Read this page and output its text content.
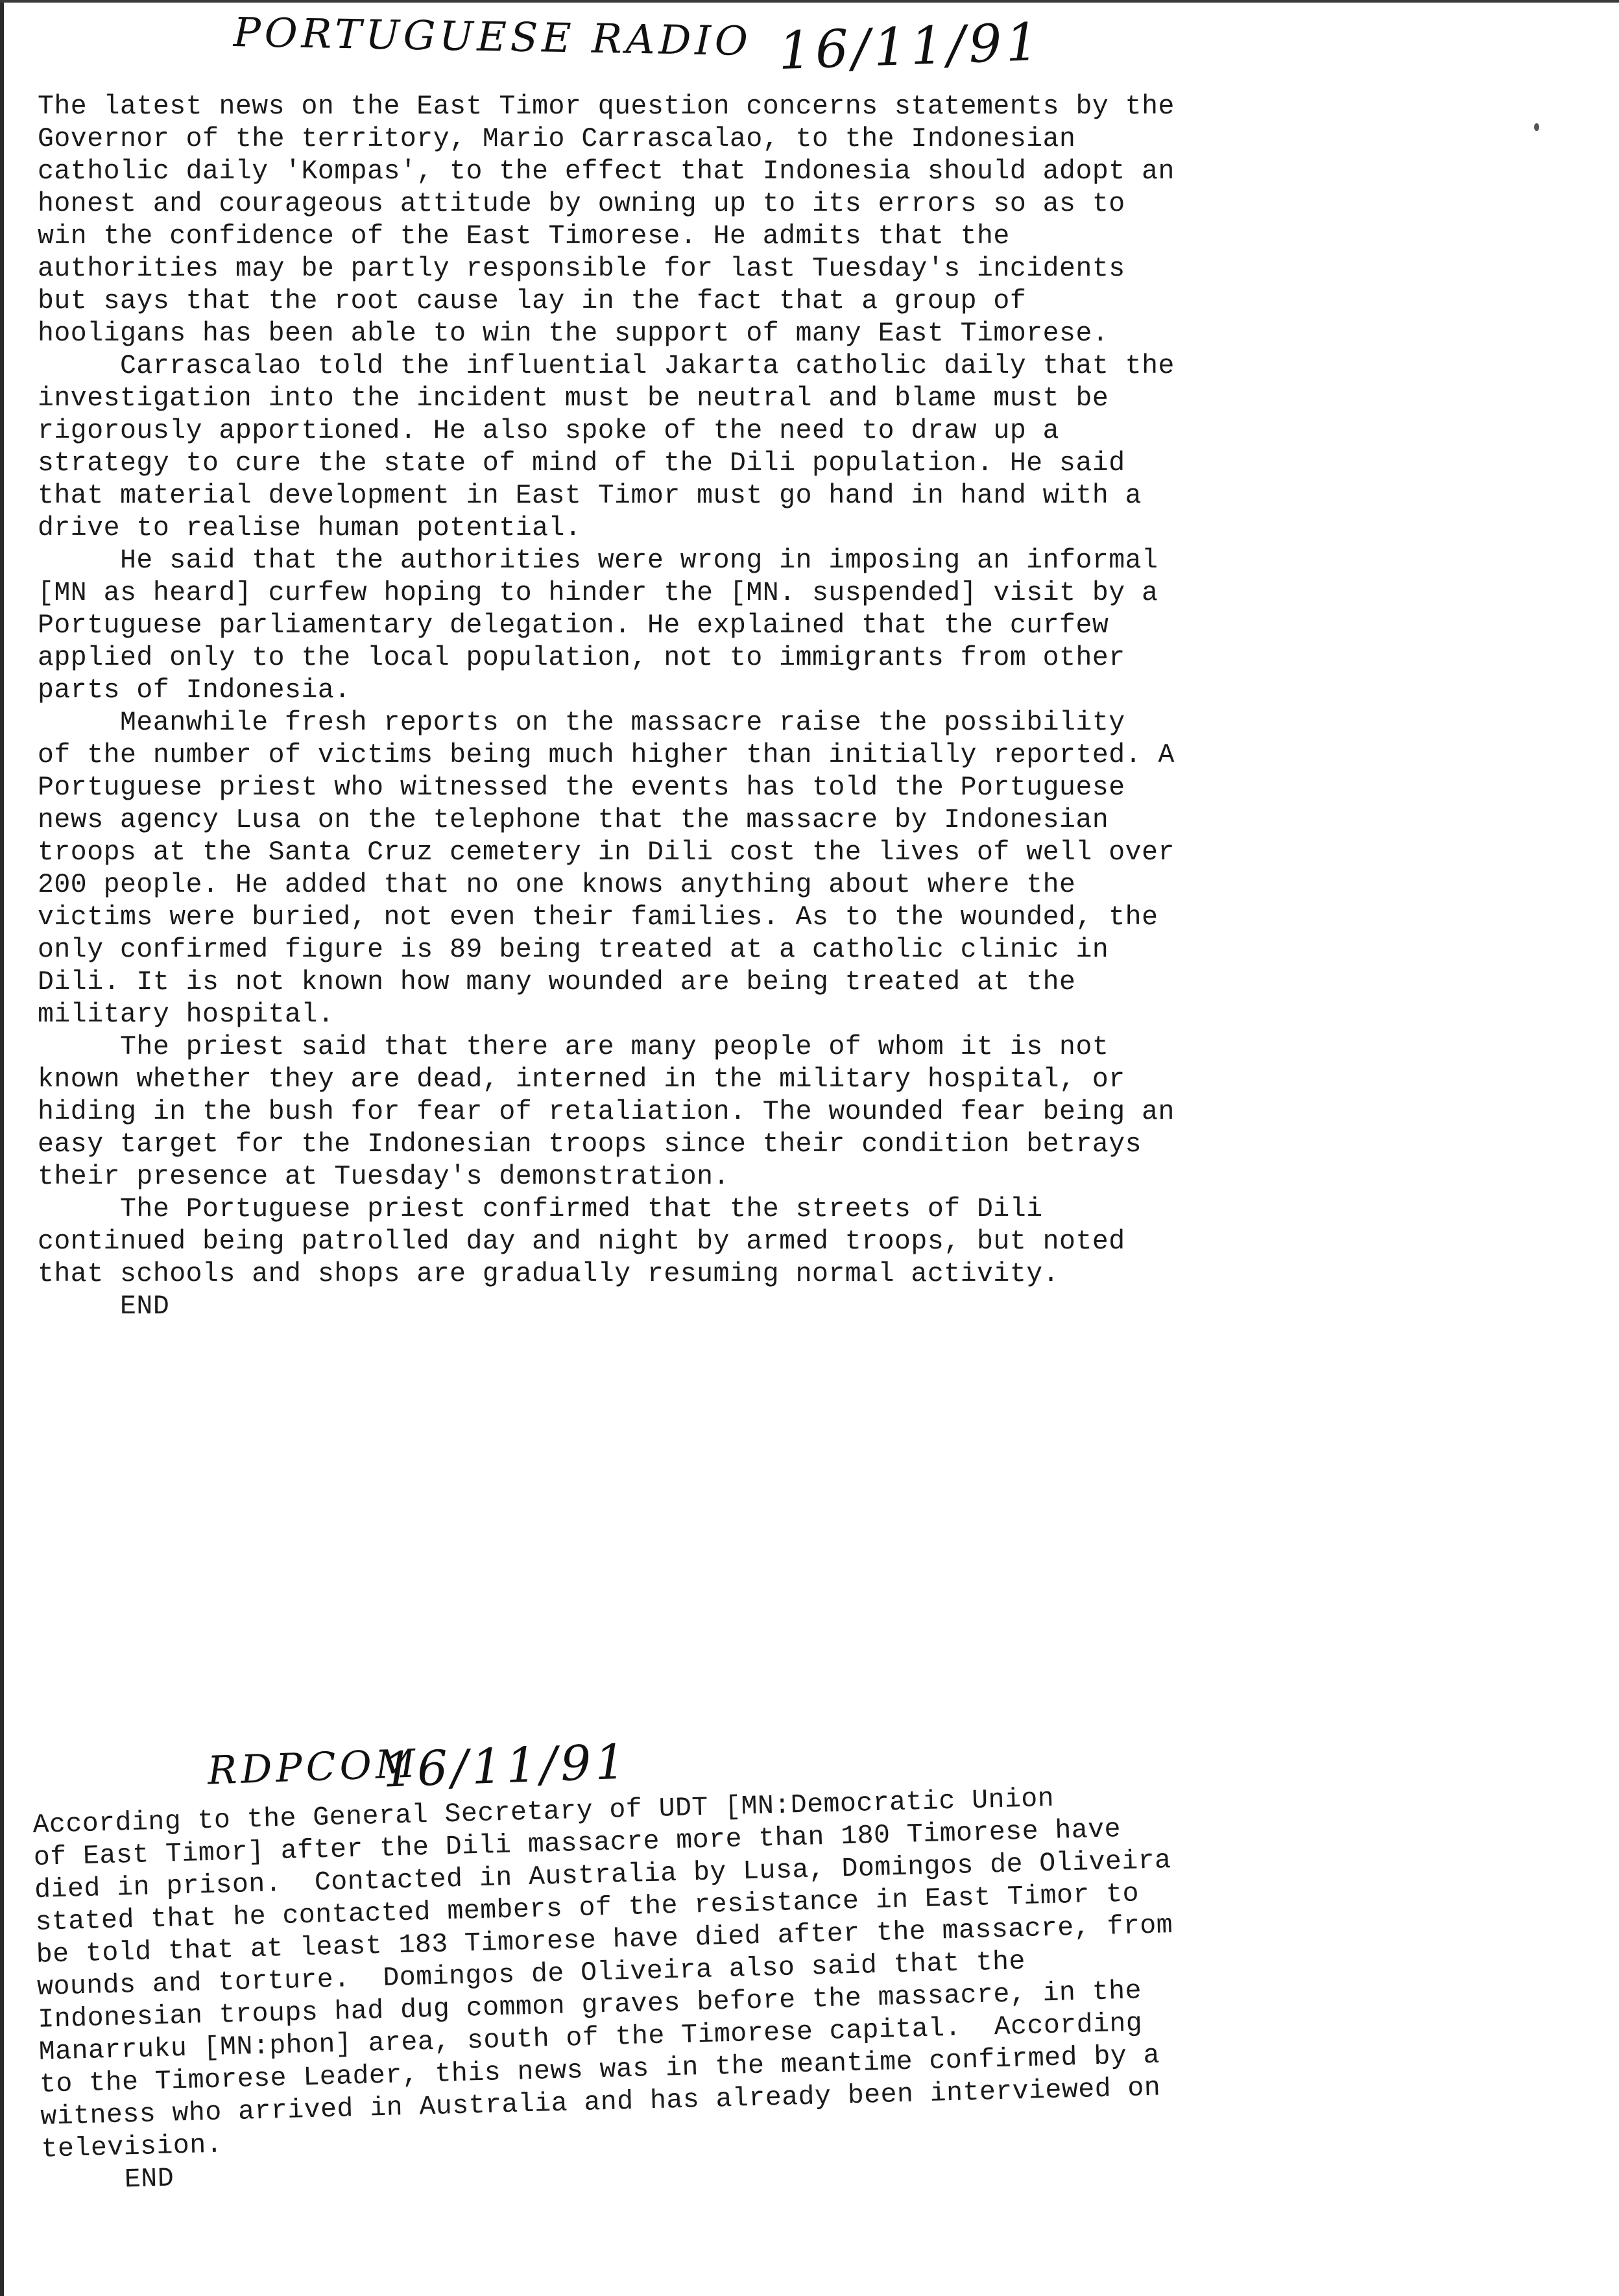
PORTUGUESE RADIO 16/11/91
The latest news on the East Timor question concerns statements by the
Governor of the territory, Mario Carrascalao, to the Indonesian
catholic daily 'Kompas', to the effect that Indonesia should adopt an
honest and courageous attitude by owning up to its errors so as to
win the confidence of the East Timorese. He admits that the
authorities may be partly responsible for last Tuesday's incidents
but says that the root cause lay in the fact that a group of
hooligans has been able to win the support of many East Timorese.
Carrascalao told the influential Jakarta catholic daily that the
investigation into the incident must be neutral and blame must be
rigorously apportioned. He also spoke of the need to draw up a
strategy to cure the state of mind of the Dili population. He said
that material development in East Timor must go hand in hand with a
drive to realise human potential.
He said that the authorities were wrong in imposing an informal
[MN as heard] curfew hoping to hinder the [MN. suspended] visit by a
Portuguese parliamentary delegation. He explained that the curfew
applied only to the local population, not to immigrants from other
parts of Indonesia.
Meanwhile fresh reports on the massacre raise the possibility
of the number of victims being much higher than initially reported. A
Portuguese priest who witnessed the events has told the Portuguese
news agency Lusa on the telephone that the massacre by Indonesian
troops at the Santa Cruz cemetery in Dili cost the lives of well over
200 people. He added that no one knows anything about where the
victims were buried, not even their families. As to the wounded, the
only confirmed figure is 89 being treated at a catholic clinic in
Dili. It is not known how many wounded are being treated at the
military hospital.
The priest said that there are many people of whom it is not
known whether they are dead, interned in the military hospital, or
hiding in the bush for fear of retaliation. The wounded fear being an
easy target for the Indonesian troops since their condition betrays
their presence at Tuesday's demonstration.
The Portuguese priest confirmed that the streets of Dili
continued being patrolled day and night by armed troops, but noted
that schools and shops are gradually resuming normal activity.
END
RDPCOM
16/11/91
According to the General Secretary of UDT [MN:Democratic Union
of East Timor] after the Dili massacre more than 180 Timorese have
died in prison.  Contacted in Australia by Lusa, Domingos de Oliveira
stated that he contacted members of the resistance in East Timor to
be told that at least 183 Timorese have died after the massacre, from
wounds and torture.  Domingos de Oliveira also said that the
Indonesian troups had dug common graves before the massacre, in the
Manarruku [MN:phon] area, south of the Timorese capital.  According
to the Timorese Leader, this news was in the meantime confirmed by a
witness who arrived in Australia and has already been interviewed on
television.
END
